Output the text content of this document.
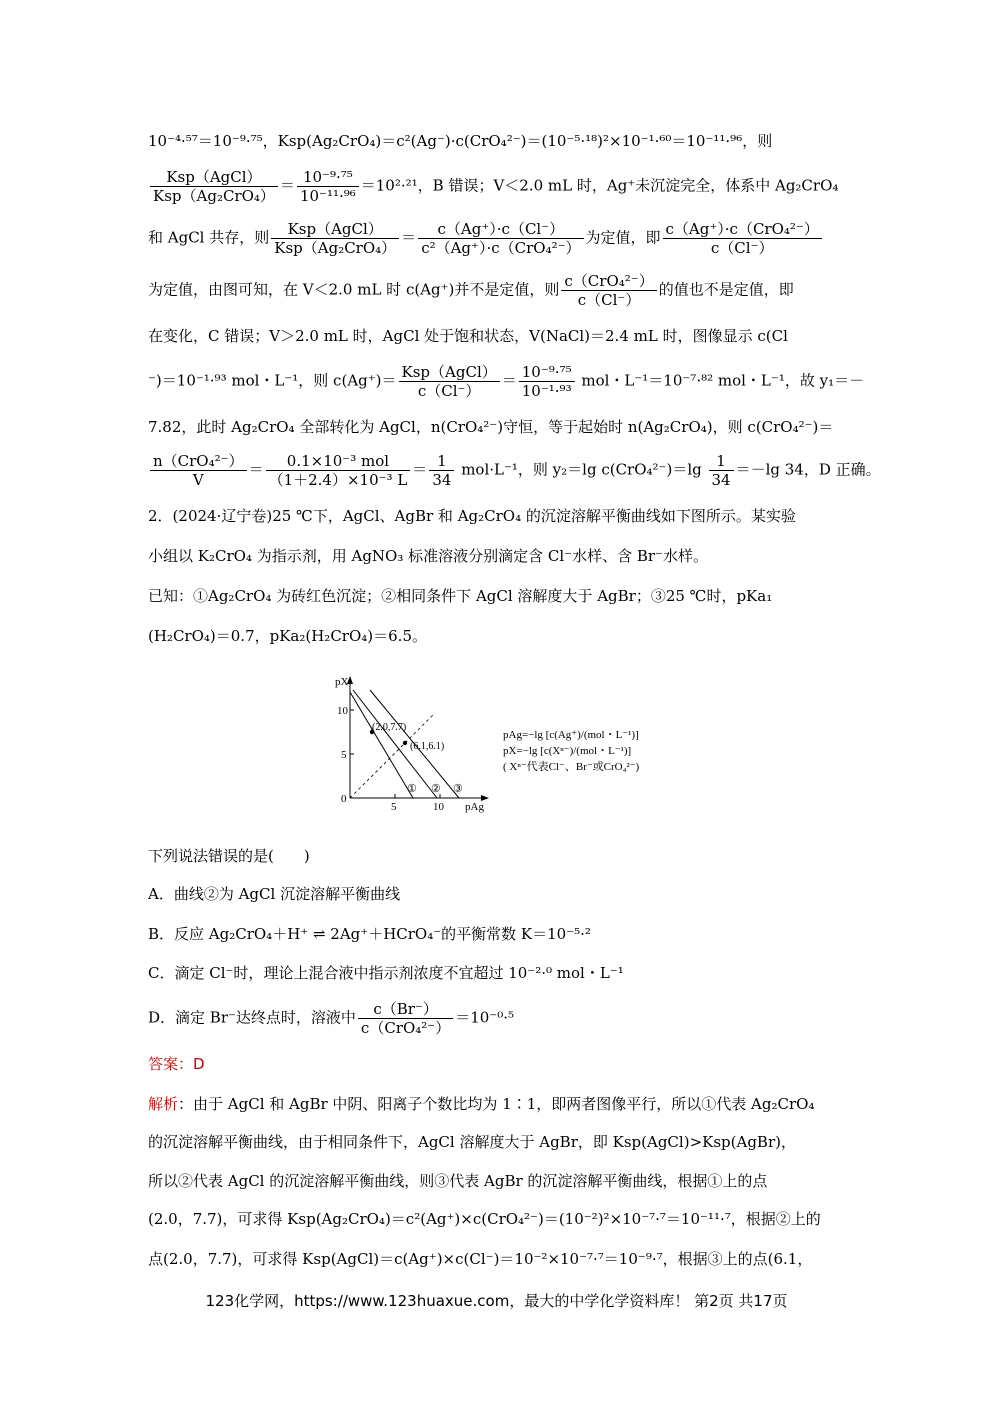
10⁻⁴·⁵⁷＝10⁻⁹·⁷⁵，Ksp(Ag₂CrO₄)＝c²(Ag⁻)·c(CrO₄²⁻)＝(10⁻⁵·¹⁸)²×10⁻¹·⁶⁰＝10⁻¹¹·⁹⁶，则
$\frac{\text{Ksp（AgCl）}}{\text{Ksp（Ag₂CrO₄）}} = \frac{\text{10⁻⁹·⁷⁵}}{\text{10⁻¹¹·⁹⁶}} =10^2\cdot^{21}$，B 错误；V＜2.0 mL 时，Ag⁺未沉淀完全，体系中 Ag₂CrO₄
和 AgCl 共存，则 $\frac{\text{Ksp（AgCl）}}{\text{Ksp（Ag₂CrO₄）}} = \frac{c(Ag^+)\cdot c(Cl^-)}{\text{c²（Ag⁺）·c（CrO₄²⁻）}}$ 为定值，即 $\frac{\text{c（Ag⁺）·c（CrO₄²⁻）}}{c(Cl^-)}$
为定值，由图可知，在 V＜2.0 mL 时 c(Ag⁺)并不是定值，则 $\frac{\text{c（CrO₄²⁻）}}{c(Cl^-)}$ 的值也不是定值，即
在变化，C 错误；V＞2.0 mL 时，AgCl 处于饱和状态，V(NaCl)＝2.4 mL 时，图像显示 c(Cl
⁻)＝10⁻¹·⁹³ mol・L⁻¹，则 $c(Ag^+)= \frac{\text{Ksp（AgCl）}}{c(Cl^-)} = \frac{\text{10⁻⁹·⁷⁵}}{\text{10⁻¹·⁹³}}$ mol・L⁻¹＝10⁻⁷·⁸² mol・L⁻¹，故 y₁＝－
7.82，此时 Ag₂CrO₄ 全部转化为 AgCl，n(CrO₄²⁻)守恒，等于起始时 n(Ag₂CrO₄)，则 c(CrO₄²⁻)＝
$\frac{\text{n（CrO₄²⁻）}}{V} = \frac{\text{0.1×10⁻³ mol}}{\text{（1＋2.4）×10⁻³ L}} = \frac{1}{34} mol\cdot L^{-1}$，则 y₂＝lg $c(CrO_4^{2-})=\lg \frac{1}{34} =-\lg$ 34，D 正确。
2．(2024·辽宁卷)25 ℃下，AgCl、AgBr 和 Ag₂CrO₄ 的沉淀溶解平衡曲线如下图所示。某实验
小组以 K₂CrO₄ 为指示剂，用 AgNO₃ 标准溶液分别滴定含 Cl⁻水样、含 Br⁻水样。
已知：①Ag₂CrO₄ 为砖红色沉淀；②相同条件下 AgCl 溶解度大于 AgBr；③25 ℃时，pKa₁
(H₂CrO₄)＝0.7，pKa₂(H₂CrO₄)＝6.5。
pX
pAg
10
5
0
5	10
(2.0,7.7)
(6.1,6.1)
① ② ③
pAg=−lg [c(Ag⁺)/(mol・L⁻¹)]
pX=−lg [c(Xⁿ⁻)/(mol・L⁻¹)]
( Xⁿ⁻代表Cl⁻、Br⁻或CrO₄²⁻)
下列说法错误的是(　　)
A．曲线②为 AgCl 沉淀溶解平衡曲线
B．反应 Ag₂CrO₄＋H⁺ ⇌ 2Ag⁺＋HCrO₄⁻的平衡常数 K＝10⁻⁵·²
C．滴定 Cl⁻时，理论上混合液中指示剂浓度不宜超过 10⁻²·⁰ mol・L⁻¹
D．滴定 Br⁻达终点时，溶液中 $\frac{c(Br^-)}{\text{c（CrO₄²⁻）}} =10^{-0}\cdot^5$
答案：D
解析：由于 AgCl 和 AgBr 中阴、阳离子个数比均为 1∶1，即两者图像平行，所以①代表 Ag₂CrO₄
的沉淀溶解平衡曲线，由于相同条件下，AgCl 溶解度大于 AgBr，即 Ksp(AgCl)>Ksp(AgBr)，
所以②代表 AgCl 的沉淀溶解平衡曲线，则③代表 AgBr 的沉淀溶解平衡曲线，根据①上的点
(2.0，7.7)，可求得 Ksp(Ag₂CrO₄)＝c²(Ag⁺)×c(CrO₄²⁻)＝(10⁻²)²×10⁻⁷·⁷＝10⁻¹¹·⁷，根据②上的
点(2.0，7.7)，可求得 Ksp(AgCl)＝c(Ag⁺)×c(Cl⁻)＝10⁻²×10⁻⁷·⁷＝10⁻⁹·⁷，根据③上的点(6.1，
123化学网，https://www.123huaxue.com，最大的中学化学资料库！ 第2页 共17页
